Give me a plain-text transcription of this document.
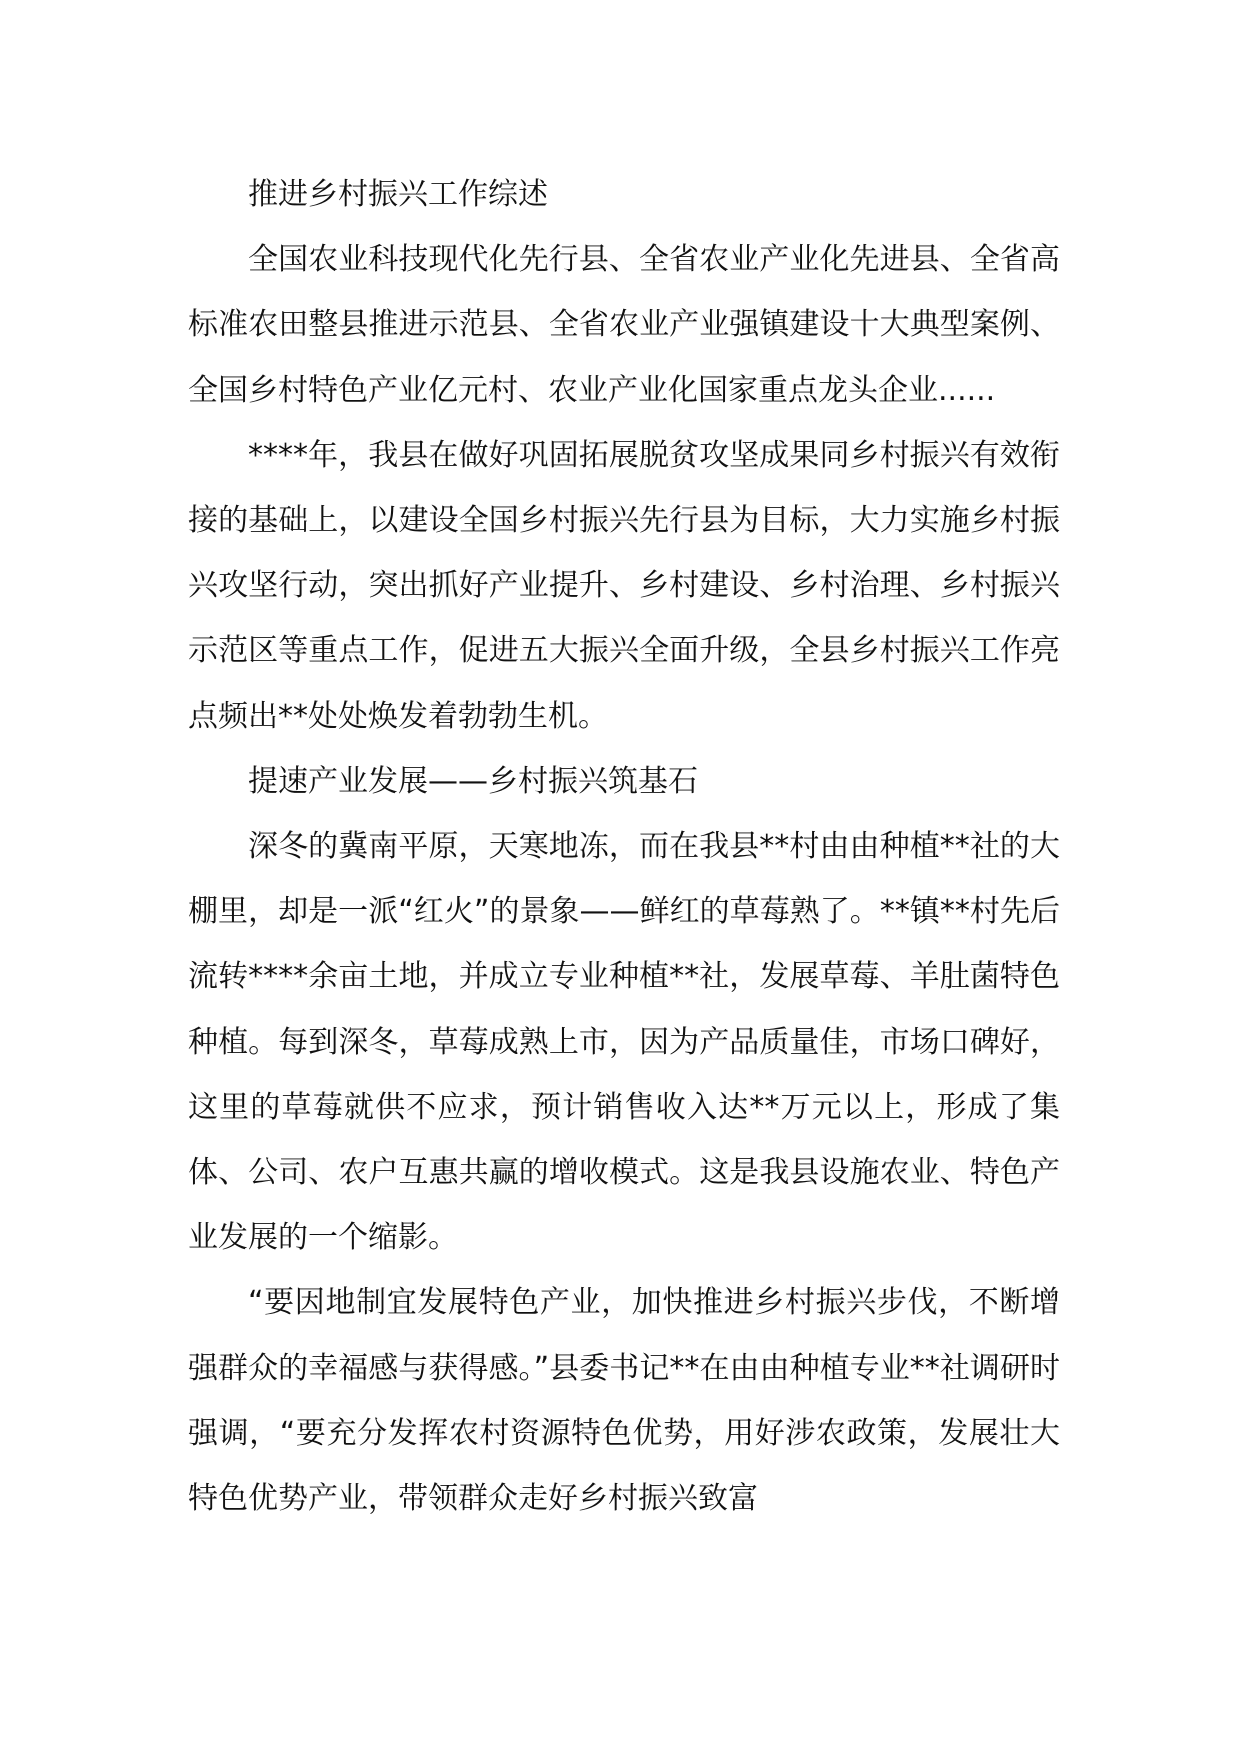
推进乡村振兴工作综述

全国农业科技现代化先行县、全省农业产业化先进县、全省高标准农田整县推进示范县、全省农业产业强镇建设十大典型案例、全国乡村特色产业亿元村、农业产业化国家重点龙头企业......

****年，我县在做好巩固拓展脱贫攻坚成果同乡村振兴有效衔接的基础上，以建设全国乡村振兴先行县为目标，大力实施乡村振兴攻坚行动，突出抓好产业提升、乡村建设、乡村治理、乡村振兴示范区等重点工作，促进五大振兴全面升级，全县乡村振兴工作亮点频出**处处焕发着勃勃生机。

提速产业发展——乡村振兴筑基石

深冬的冀南平原，天寒地冻，而在我县**村由由种植**社的大棚里，却是一派“红火”的景象——鲜红的草莓熟了。**镇**村先后流转****余亩土地，并成立专业种植**社，发展草莓、羊肚菌特色种植。每到深冬，草莓成熟上市，因为产品质量佳，市场口碑好，这里的草莓就供不应求，预计销售收入达**万元以上，形成了集体、公司、农户互惠共赢的增收模式。这是我县设施农业、特色产业发展的一个缩影。

“要因地制宜发展特色产业，加快推进乡村振兴步伐，不断增强群众的幸福感与获得感。”县委书记**在由由种植专业**社调研时强调，“要充分发挥农村资源特色优势，用好涉农政策，发展壮大特色优势产业，带领群众走好乡村振兴致富
